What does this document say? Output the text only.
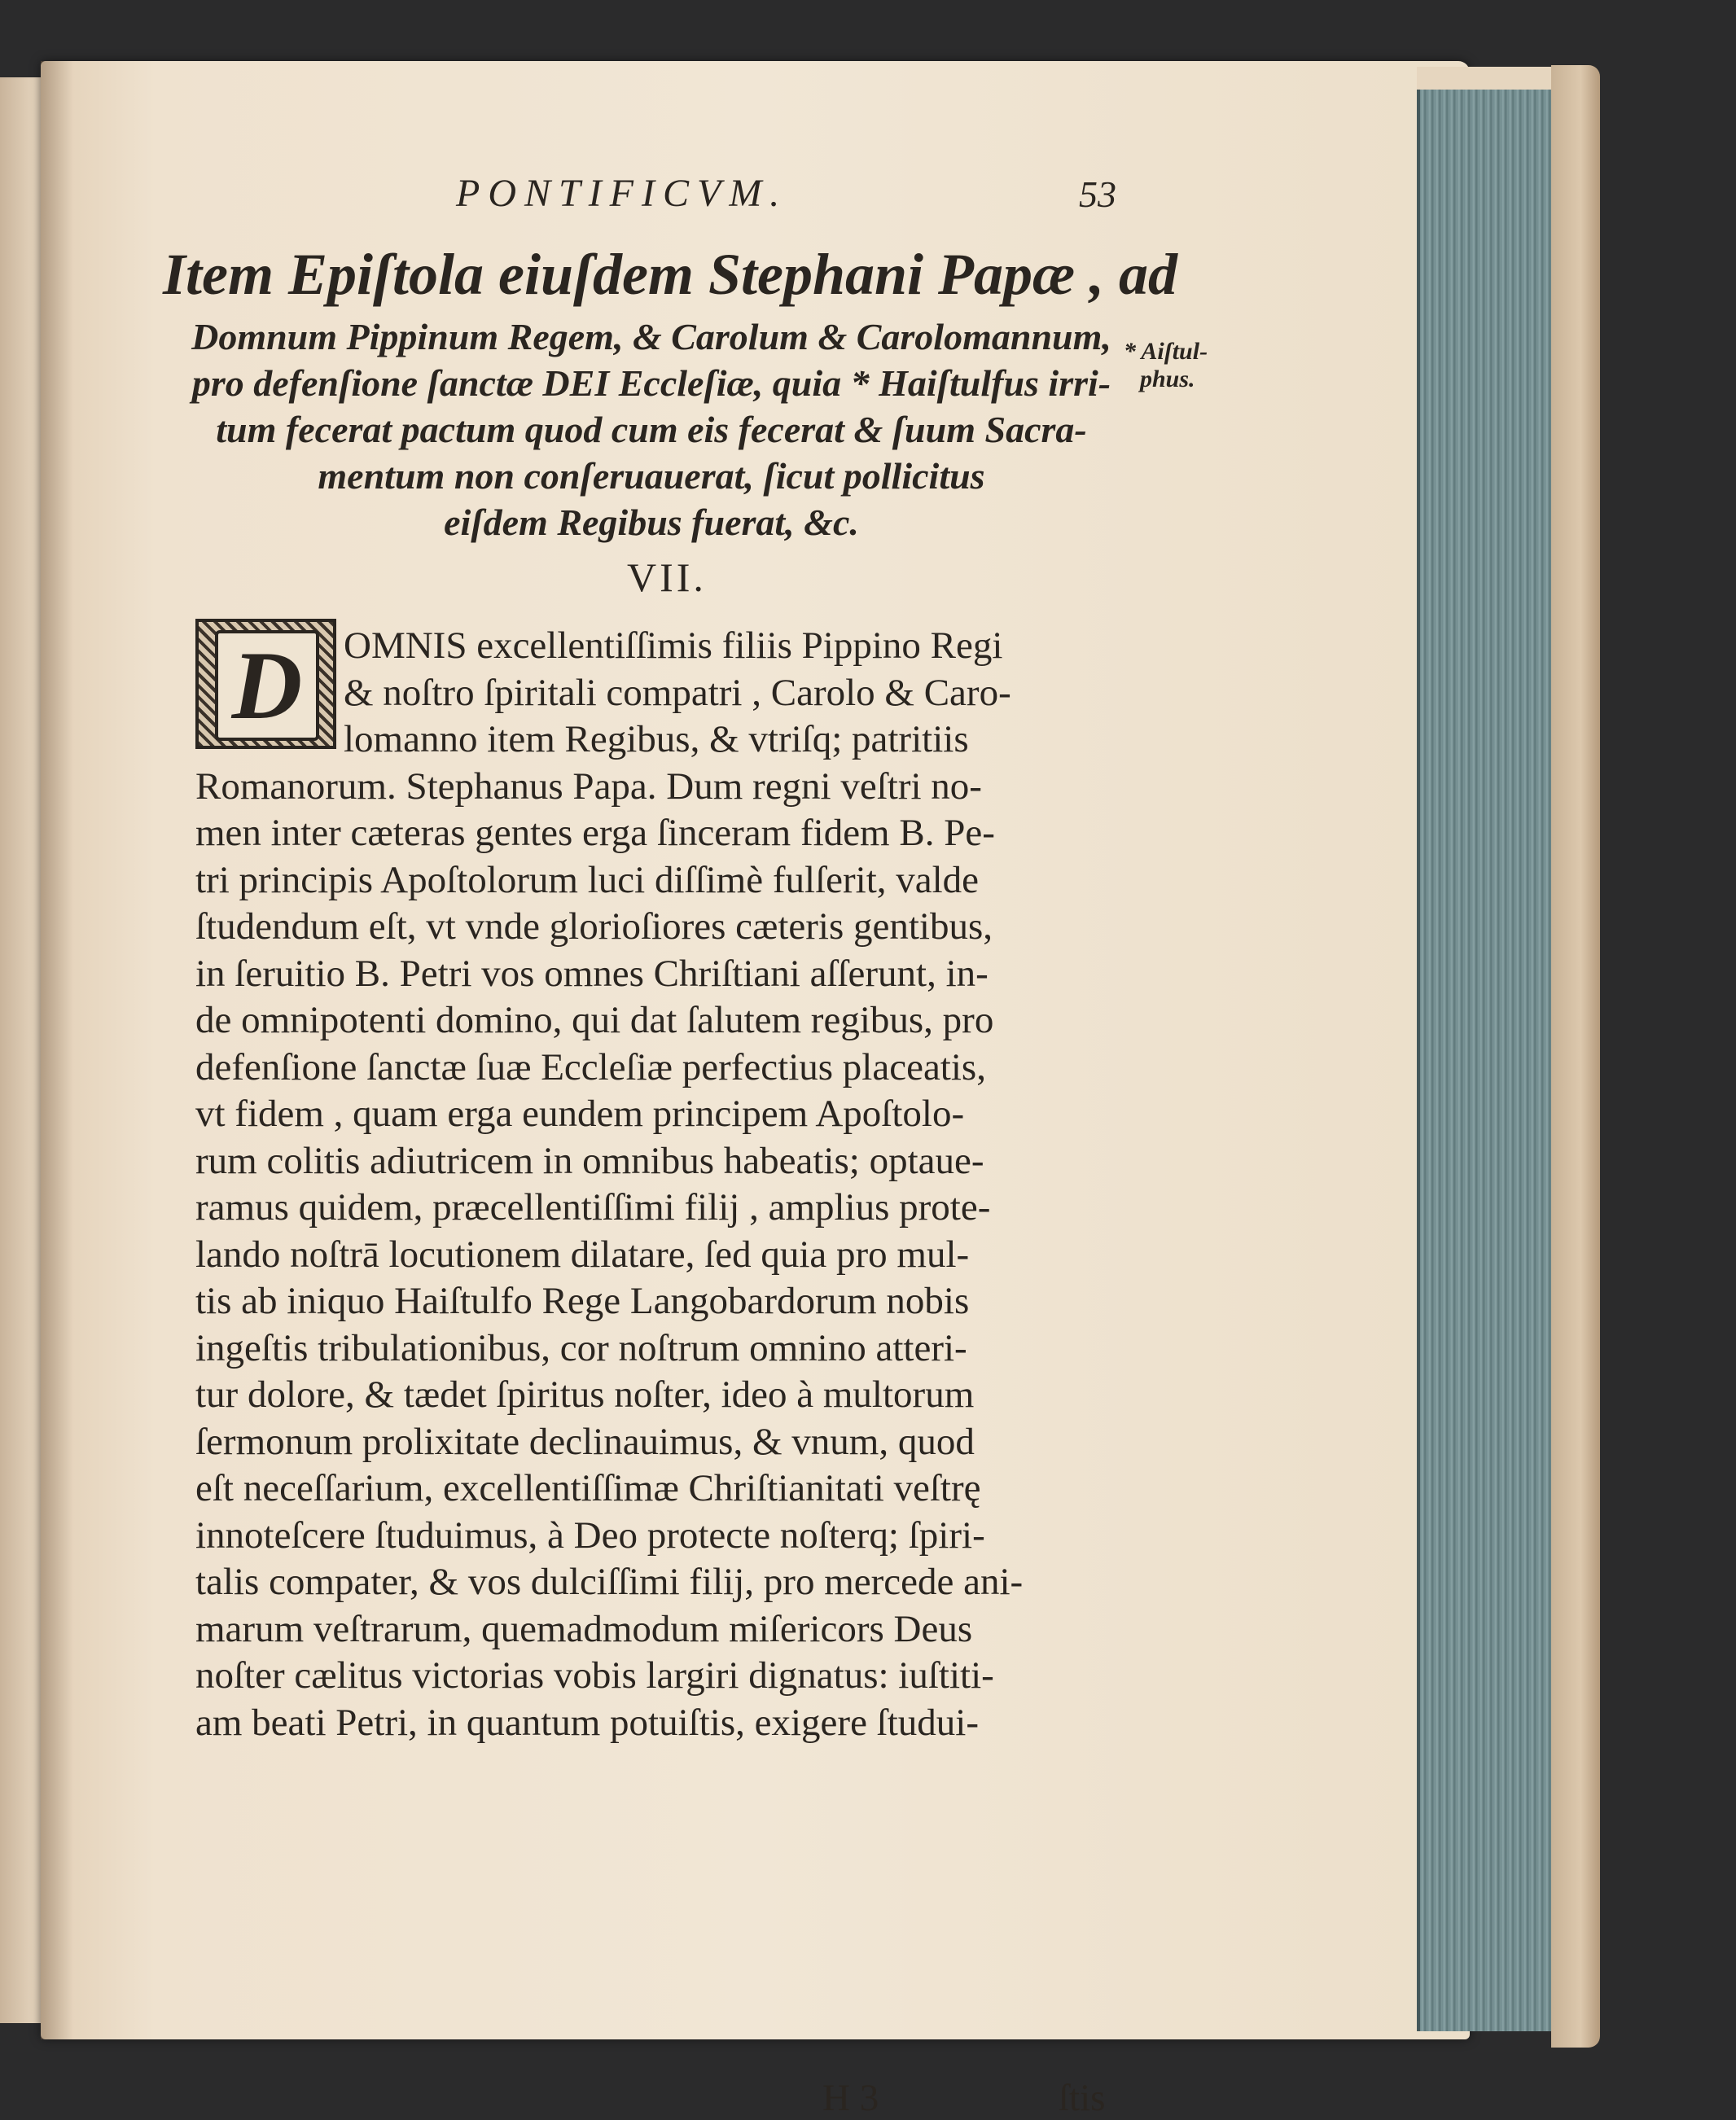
PONTIFICVM.	53
Item Epiſtola eiuſdem Stephani Papæ , ad
Domnum Pippinum Regem, & Carolum & Carolomannum,
pro defenſione ſanctæ DEI Eccleſiæ, quia * Haiſtulfus irri-
tum fecerat pactum quod cum eis fecerat & ſuum Sacra-
mentum non conſeruauerat, ſicut pollicitus
eiſdem Regibus fuerat, &c.
* Aiſtul-
phus.
VII.
D	OMNIS excellentiſſimis filiis Pippino Regi
& noſtro ſpiritali compatri , Carolo & Caro-
lomanno item Regibus, & vtriſq; patritiis
Romanorum. Stephanus Papa. Dum regni veſtri no-
men inter cæteras gentes erga ſinceram fidem B. Pe-
tri principis Apoſtolorum luci diſſimè fulſerit, valde
ſtudendum eſt, vt vnde glorioſiores cæteris gentibus,
in ſeruitio B. Petri vos omnes Chriſtiani aſſerunt, in-
de omnipotenti domino, qui dat ſalutem regibus, pro
defenſione ſanctæ ſuæ Eccleſiæ perfectius placeatis,
vt fidem , quam erga eundem principem Apoſtolo-
rum colitis adiutricem in omnibus habeatis; optaue-
ramus quidem, præcellentiſſimi filij , amplius prote-
lando noſtrā locutionem dilatare, ſed quia pro mul-
tis ab iniquo Haiſtulfo Rege Langobardorum nobis
ingeſtis tribulationibus, cor noſtrum omnino atteri-
tur dolore, & tædet ſpiritus noſter, ideo à multorum
ſermonum prolixitate declinauimus, & vnum, quod
eſt neceſſarium, excellentiſſimæ Chriſtianitati veſtrę
innoteſcere ſtuduimus, à Deo protecte noſterq; ſpiri-
talis compater, & vos dulciſſimi filij, pro mercede ani-
marum veſtrarum, quemadmodum miſericors Deus
noſter cælitus victorias vobis largiri dignatus: iuſtiti-
am beati Petri, in quantum potuiſtis, exigere ſtudui-
H 3	ſtis
